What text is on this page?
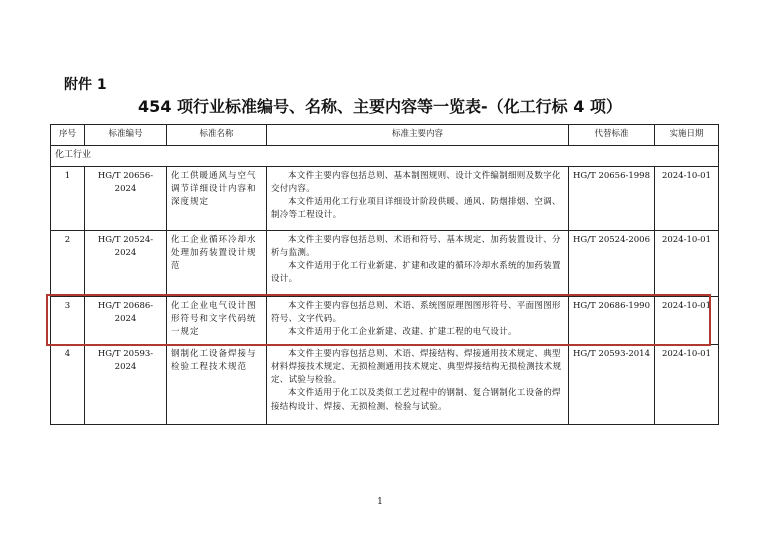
附件 1
454 项行业标准编号、名称、主要内容等一览表-（化工行标 4 项）
序号	标准编号	标准名称	标准主要内容	代替标准	实施日期
化工行业					
1	HG/T 20656-2024	化工供暖通风与空气调节详细设计内容和深度规定	本文件主要内容包括总则、基本制图规则、设计文件编制细则及数字化交付内容。

本文件适用化工行业项目详细设计阶段供暖、通风、防烟排烟、空调、制冷等工程设计。	HG/T 20656-1998	2024-10-01
2	HG/T 20524-2024	化工企业循环冷却水处理加药装置设计规范	本文件主要内容包括总则、术语和符号、基本规定、加药装置设计、分析与监测。

本文件适用于化工行业新建、扩建和改建的循环冷却水系统的加药装置设计。	HG/T 20524-2006	2024-10-01
3	HG/T 20686-2024	化工企业电气设计图形符号和文字代码统一规定	本文件主要内容包括总则、术语、系统图原理图图形符号、平面图图形符号、文字代码。

本文件适用于化工企业新建、改建、扩建工程的电气设计。	HG/T 20686-1990	2024-10-01
4	HG/T 20593-2024	钢制化工设备焊接与检验工程技术规范	本文件主要内容包括总则、术语、焊接结构、焊接通用技术规定、典型材料焊接技术规定、无损检测通用技术规定、典型焊接结构无损检测技术规定、试验与检验。

本文件适用于化工以及类似工艺过程中的钢制、复合钢制化工设备的焊接结构设计、焊接、无损检测、检验与试验。	HG/T 20593-2014	2024-10-01
1
